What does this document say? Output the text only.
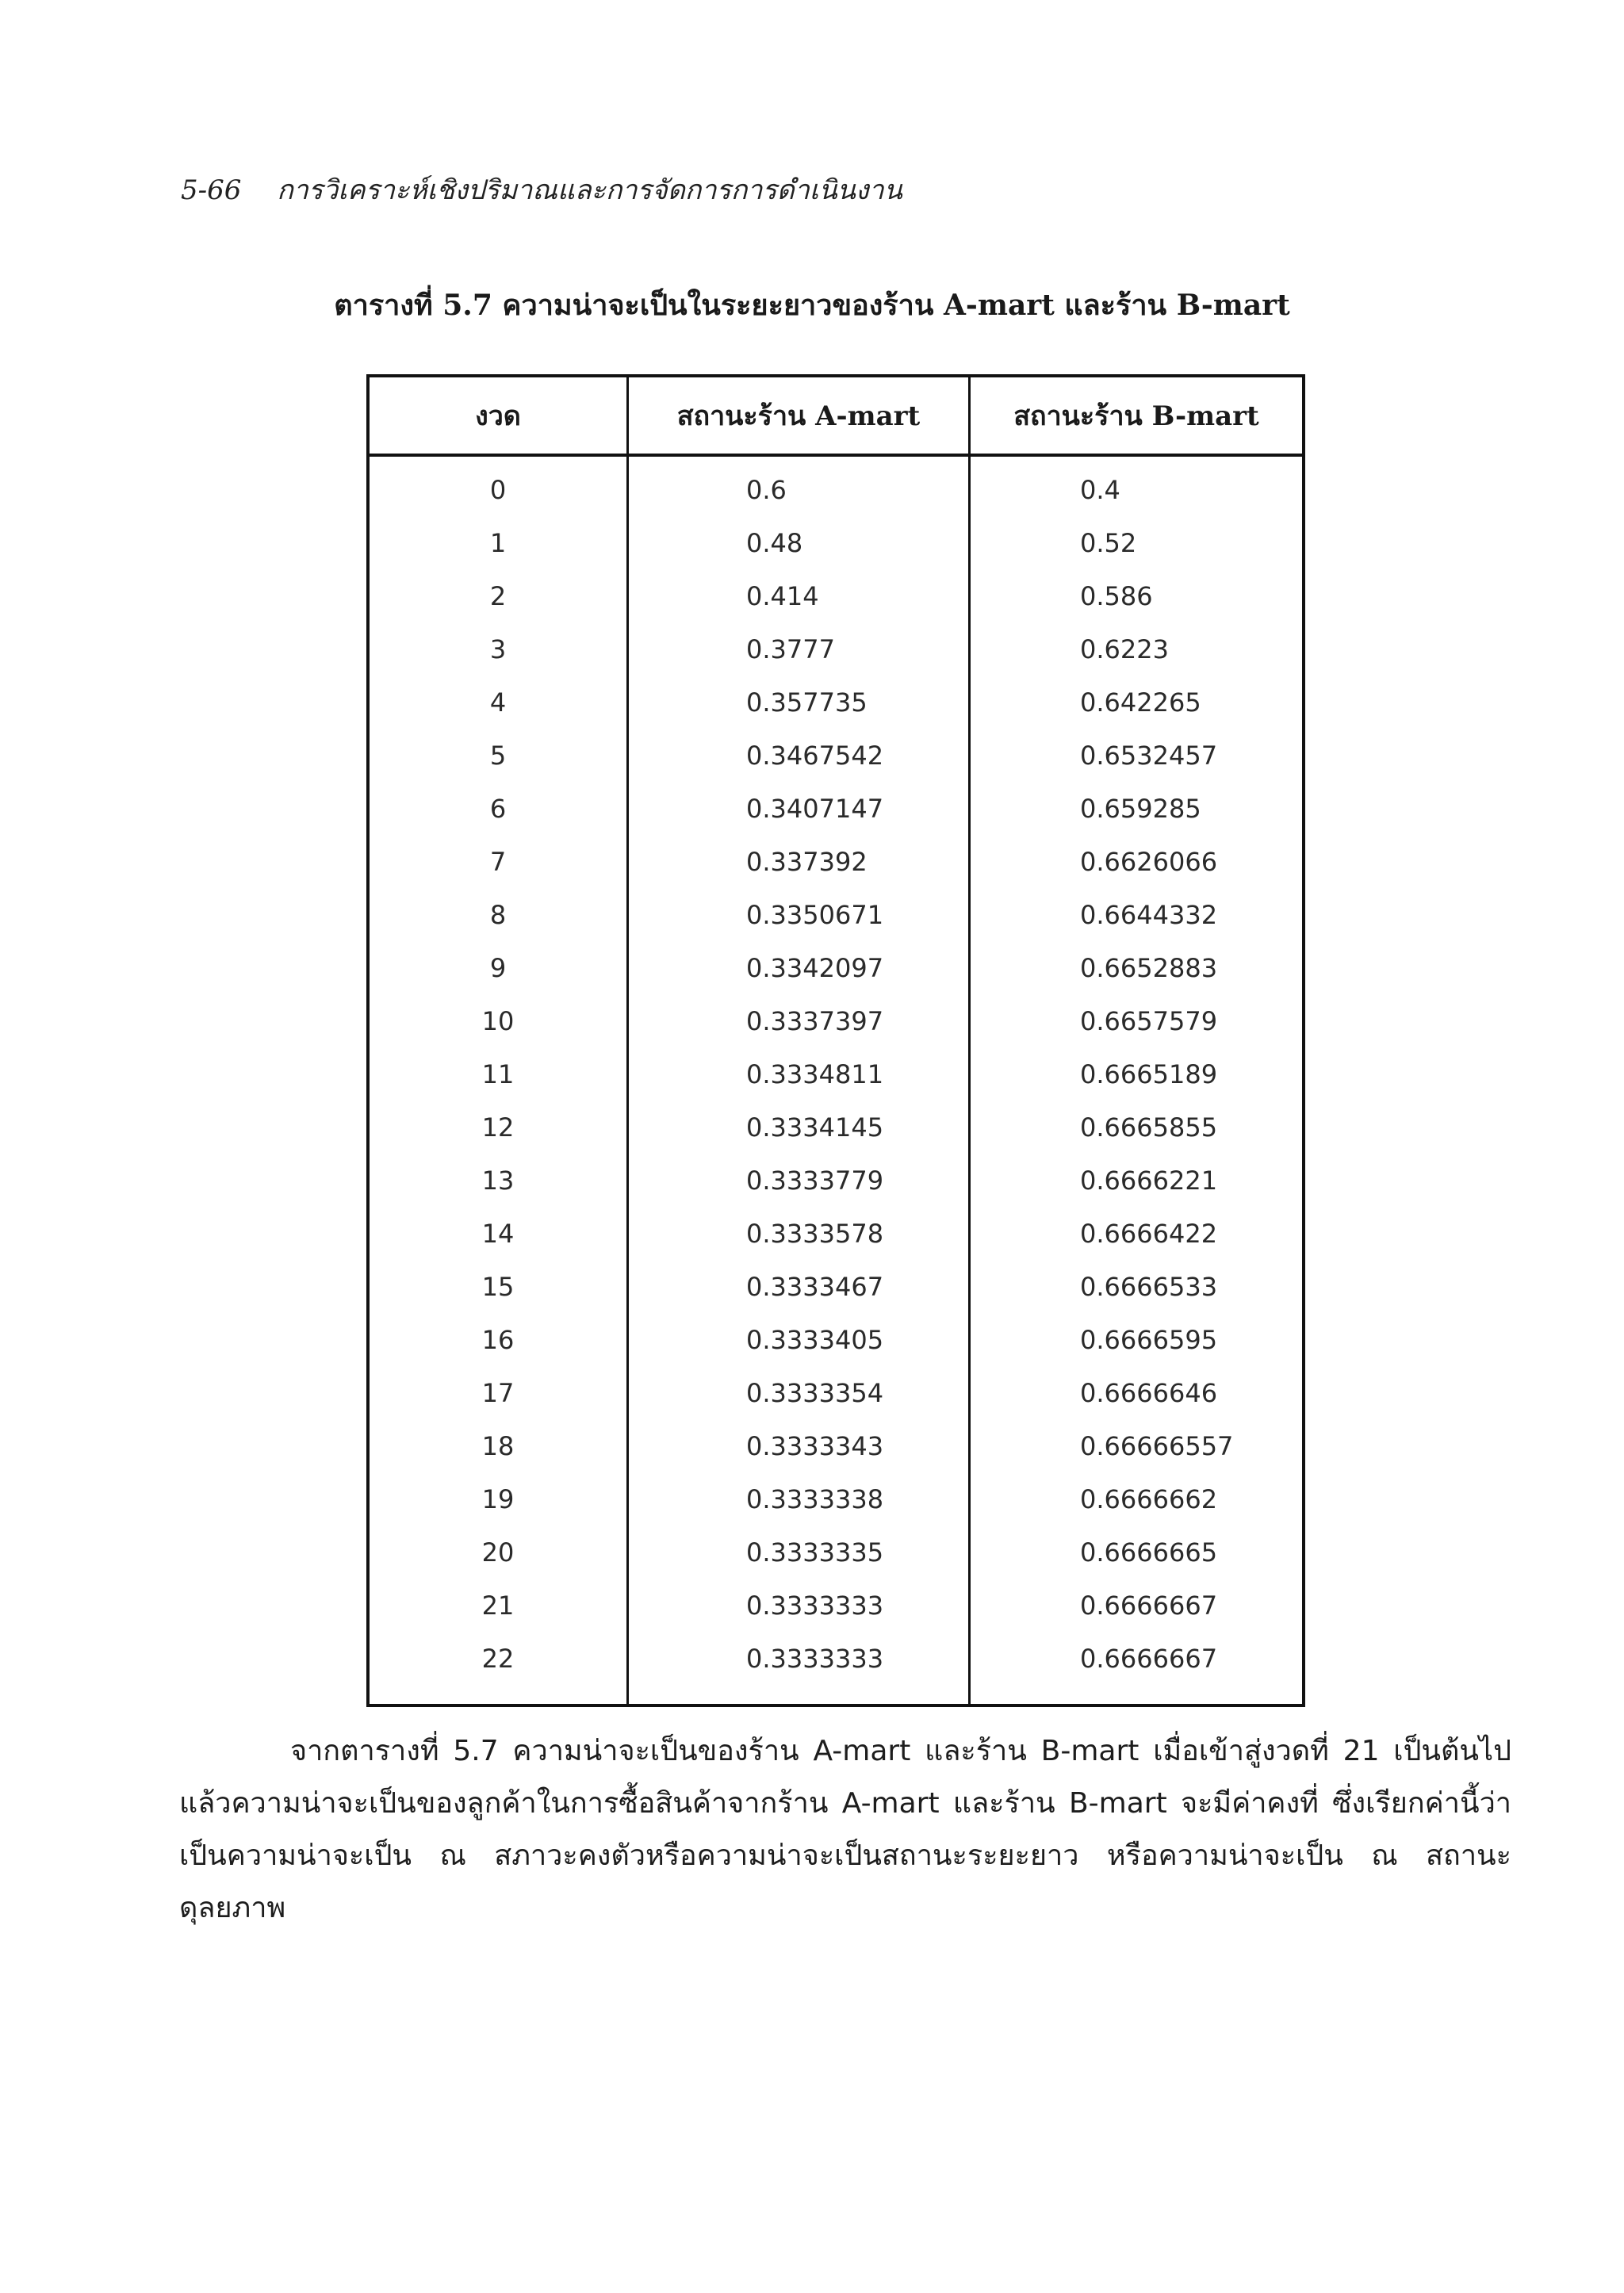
5-66 การวิเคราะห์เชิงปริมาณและการจัดการการดำเนินงาน
ตารางที่ 5.7 ความน่าจะเป็นในระยะยาวของร้าน A-mart และร้าน B-mart
งวด	สถานะร้าน A-mart	สถานะร้าน B-mart
0	0.6	0.4
1	0.48	0.52
2	0.414	0.586
3	0.3777	0.6223
4	0.357735	0.642265
5	0.3467542	0.6532457
6	0.3407147	0.659285
7	0.337392	0.6626066
8	0.3350671	0.6644332
9	0.3342097	0.6652883
10	0.3337397	0.6657579
11	0.3334811	0.6665189
12	0.3334145	0.6665855
13	0.3333779	0.6666221
14	0.3333578	0.6666422
15	0.3333467	0.6666533
16	0.3333405	0.6666595
17	0.3333354	0.6666646
18	0.3333343	0.66666557
19	0.3333338	0.6666662
20	0.3333335	0.6666665
21	0.3333333	0.6666667
22	0.3333333	0.6666667
จากตารางที่ 5.7 ความน่าจะเป็นของร้าน A-mart และร้าน B-mart เมื่อเข้าสู่งวดที่ 21 เป็นต้นไปแล้วความน่าจะเป็นของลูกค้าในการซื้อสินค้าจากร้าน A-mart และร้าน B-mart จะมีค่าคงที่ ซึ่งเรียกค่านี้ว่าเป็นความน่าจะเป็น ณ สภาวะคงตัวหรือความน่าจะเป็นสถานะระยะยาว หรือความน่าจะเป็น ณ สถานะดุลยภาพ
